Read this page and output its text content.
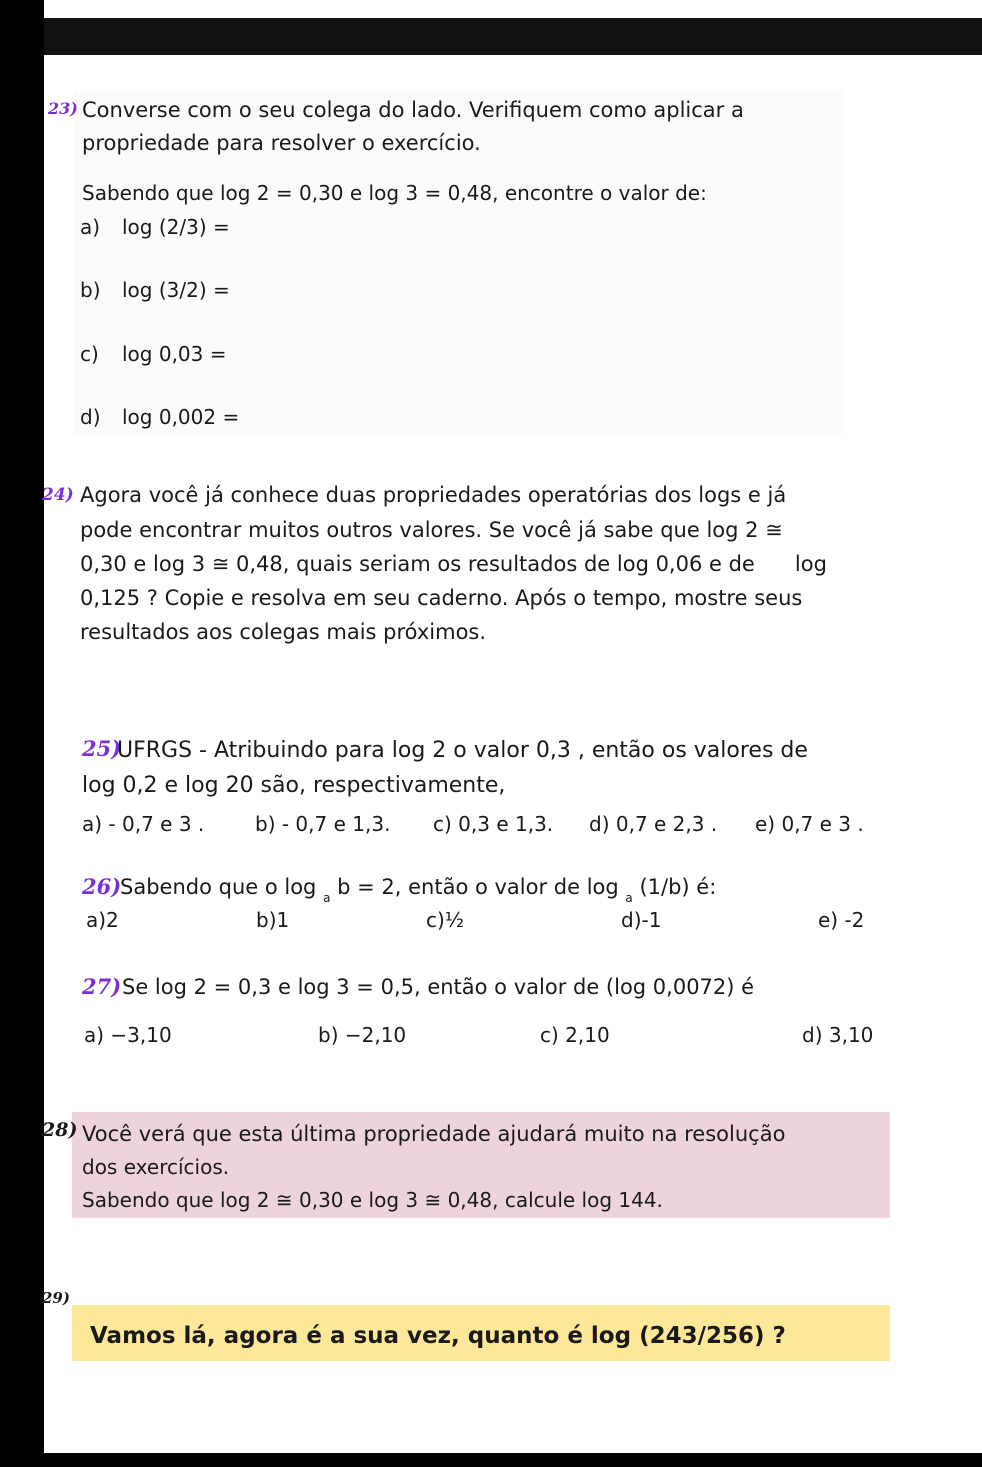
23) Converse com o seu colega do lado. Verifiquem como aplicar a
propriedade para resolver o exercício.
Sabendo que log 2 = 0,30 e log 3 = 0,48, encontre o valor de:
a) log (2/3) =
b) log (3/2) =
c) log 0,03 =
d) log 0,002 =
24) Agora você já conhece duas propriedades operatórias dos logs e já
pode encontrar muitos outros valores. Se você já sabe que log 2 ≅
0,30 e log 3 ≅ 0,48, quais seriam os resultados de log 0,06 e de      log
0,125 ? Copie e resolva em seu caderno. Após o tempo, mostre seus
resultados aos colegas mais próximos.
25)
UFRGS - Atribuindo para log 2 o valor 0,3 , então os valores de
log 0,2 e log 20 são, respectivamente,
a) - 0,7 e 3 .	b) - 0,7 e 1,3. c) 0,3 e 1,3. d) 0,7 e 2,3 . e) 0,7 e 3 .
26)
Sabendo que o log $_a$ b = 2, então o valor de log $_a$ (1/b) é:
a)2	b)1	c)½	d)-1	e) -2
27) Se log 2 = 0,3 e log 3 = 0,5, então o valor de (log 0,0072) é
a) −3,10	b) −2,10	c) 2,10	d) 3,10
28) Você verá que esta última propriedade ajudará muito na resolução
dos exercícios.
Sabendo que log 2 ≅ 0,30 e log 3 ≅ 0,48, calcule log 144.
29)
Vamos lá, agora é a sua vez, quanto é log (243/256) ?
